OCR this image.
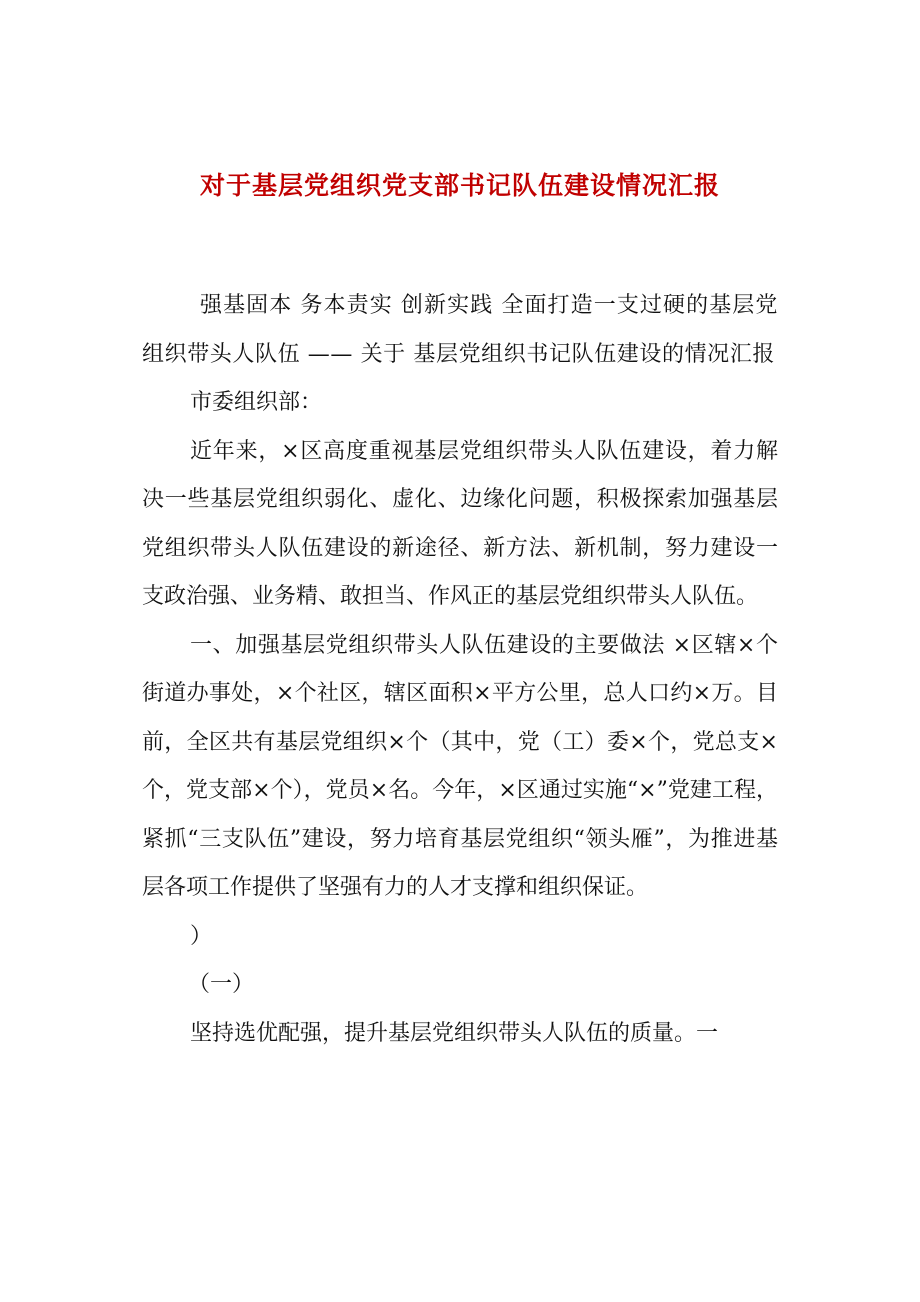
对于基层党组织党支部书记队伍建设情况汇报

强基固本 务本责实 创新实践 全面打造一支过硬的基层党组织带头人队伍 —— 关于 基层党组织书记队伍建设的情况汇报

市委组织部：

近年来，×区高度重视基层党组织带头人队伍建设，着力解决一些基层党组织弱化、虚化、边缘化问题，积极探索加强基层党组织带头人队伍建设的新途径、新方法、新机制，努力建设一支政治强、业务精、敢担当、作风正的基层党组织带头人队伍。

一、加强基层党组织带头人队伍建设的主要做法 ×区辖×个街道办事处，×个社区，辖区面积×平方公里，总人口约×万。目前，全区共有基层党组织×个（其中，党（工）委×个，党总支×个，党支部×个），党员×名。今年，×区通过实施“×”党建工程，紧抓“三支队伍”建设，努力培育基层党组织“领头雁”，为推进基层各项工作提供了坚强有力的人才支撑和组织保证。

）

（一）

坚持选优配强，提升基层党组织带头人队伍的质量。一
